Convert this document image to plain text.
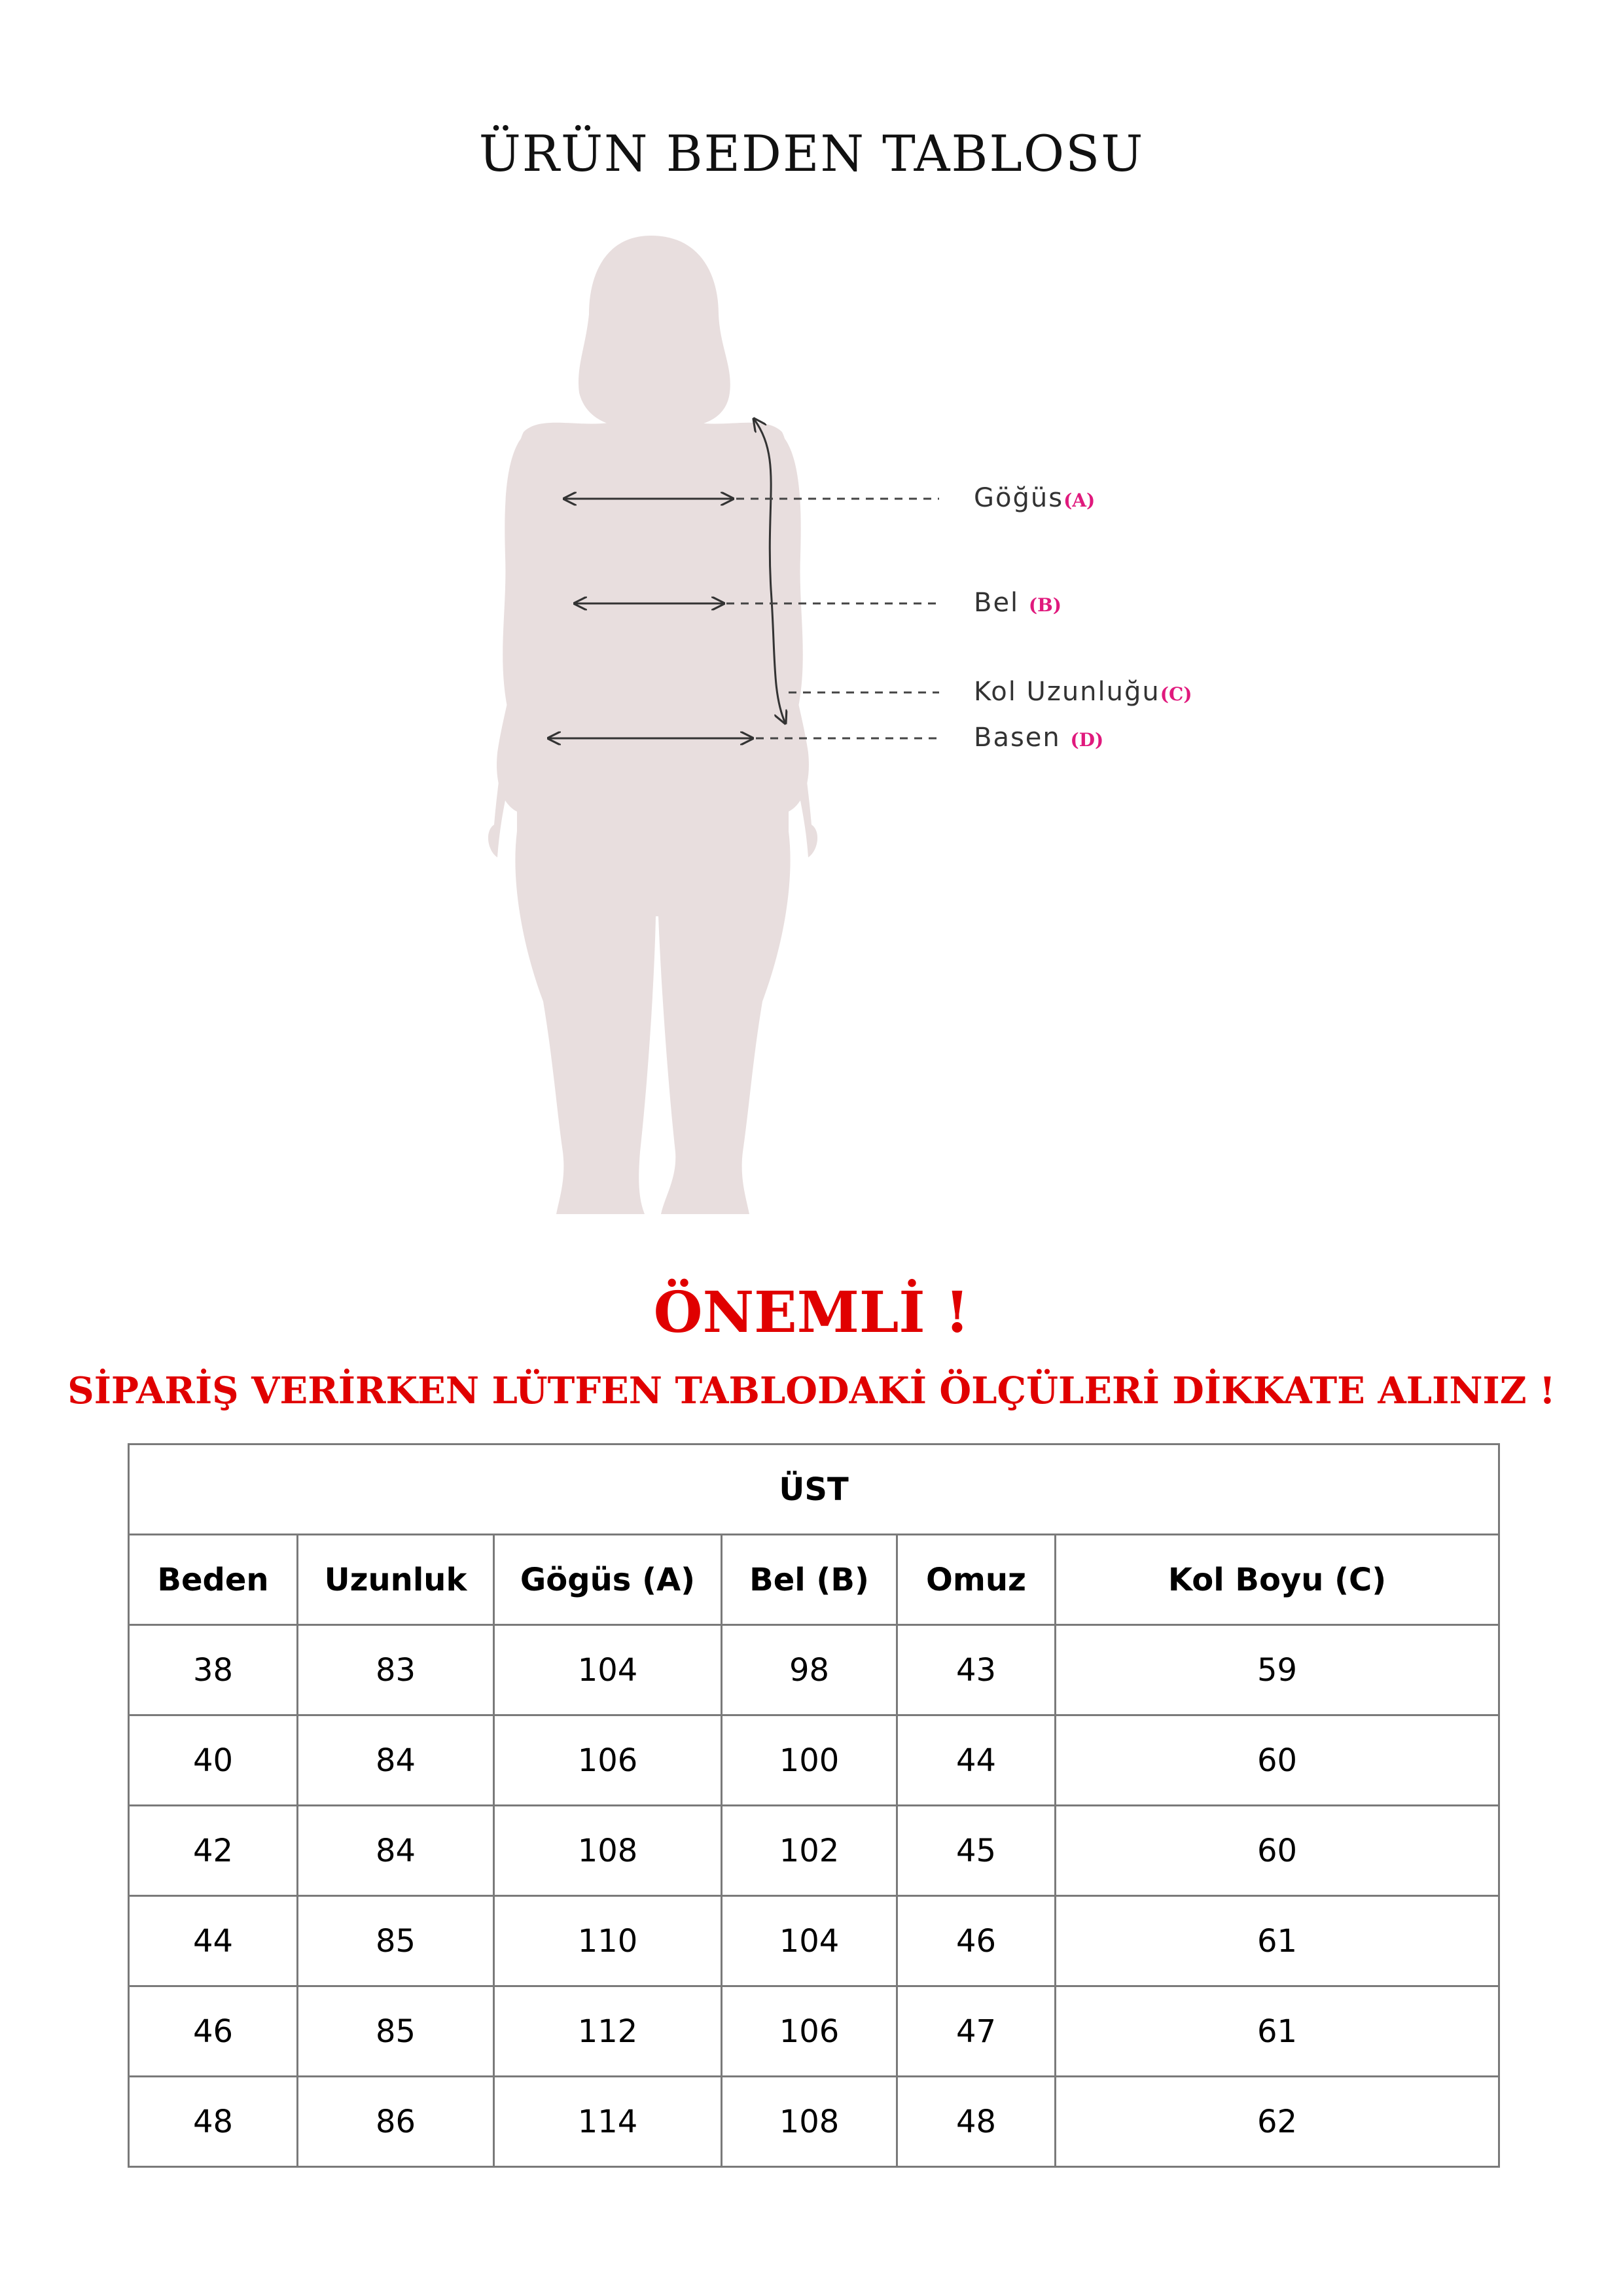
ÜRÜN BEDEN TABLOSU
Göğüs(A)
Bel (B)
Kol Uzunluğu(C)
Basen (D)
ÖNEMLİ !
SİPARİŞ VERİRKEN LÜTFEN TABLODAKİ ÖLÇÜLERİ DİKKATE ALINIZ !
ÜST					
Beden	Uzunluk	Gögüs (A)	Bel (B)	Omuz	Kol Boyu (C)
38	83	104	98	43	59
40	84	106	100	44	60
42	84	108	102	45	60
44	85	110	104	46	61
46	85	112	106	47	61
48	86	114	108	48	62
